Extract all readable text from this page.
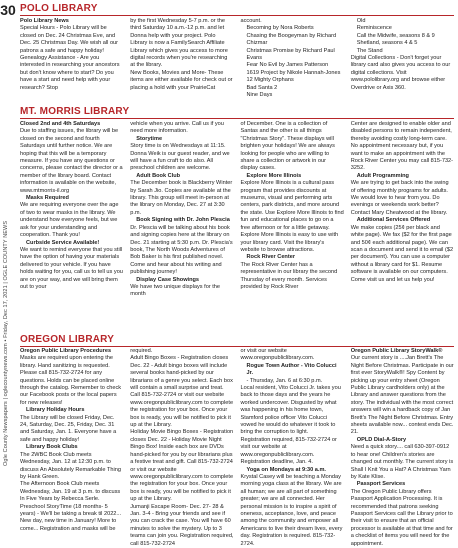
30
Ogle County Newspapers | oglecountynews.com • Friday, Dec 17, 2021 | OGLE COUNTY NEWS
POLO LIBRARY

Polo Library News

Special Hours - Polo Library will be closed on Dec. 24 Christmas Eve, and Dec. 25 Christmas Day. We wish all our patrons a safe and happy holiday!

Genealogy Assistance - Are you interested in researching your ancestors but don't know where to start? Do you have a start and need help with your research? Stop

by the first Wednesday 5-7 p.m. or the third Saturday 10 a.m.-12 p.m. and let Donna help with your project. Polo Library is now a FamilySearch Affiliate Library which gives you access to more digital records when you're researching at the library.

New Books, Movies and More- These items are either available for check out or placing a hold with your PrairieCat

account.

Becoming by Nora Roberts

Chasing the Boogeyman by Richard Chizmar

Christmas Promise by Richard Paul Evans

Fear No Evil by James Patterson

1619 Project by Nikole Hannah-Jones

12 Mighty Orphans

Bad Santa 2

Nine Days

Old

Reminiscence

Call the Midwife, seasons 8 & 9

Shetland, seasons 4 & 5

The Stand

Digital Collections - Don't forget your library card also gives you access to our digital collections. Visit www.pololibrary.org and browse either Overdrive or Axis 360.

MT. MORRIS LIBRARY

Closed 2nd and 4th Saturdays

Due to staffing issues, the library will be closed on the second and fourth Saturdays until further notice. We are hoping that this will be a temporary measure. If you have any questions or concerns, please contact the director or a member of the library board. Contact information is available on the website, www.mtmorris-il.org

Masks Required

We are requiring everyone over the age of two to wear masks in the library. We understand how everyone feels, but we ask for your understanding and cooperation. Thank you!

Curbside Service Available!

We want to remind everyone that you still have the option of having your materials delivered to your vehicle. If you have holds waiting for you, call us to tell us you are on your way, and we will bring them out to your

vehicle when you arrive. Call us if you need more information.

Storytime

Story time is on Wednesdays at 11:15. Donna Weik is our guest reader, and we will have a fun craft to do also. All preschool children are welcome.

Adult Book Club

The December book is Blackberry Winter by Sarah Jio. Copies are available at the library. This group will meet in-person at the library on Monday, Dec. 27 at 3:30 p.m.

Book Signing with Dr. John Plescia

Dr. Plescia will be talking about his book and signing copies here at the library on Dec. 21 starting at 5:30 p.m. Dr. Plescia's book, The North Woods Adventures of Bob Baker is his first published novel. Come and hear about his writing and publishing journey!

Display Case Showings

We have two unique displays for the month

of December. One is a collection of Santas and the other is all things "Christmas Story". These displays will brighten your holidays! We are always looking for people who are willing to share a collection or artwork in our display cases.

Explore More Illinois

Explore More Illinois is a cultural pass program that provides discounts at museums, visual and performing arts centers, park districts, and more around the state. Use Explore More Illinois to find fun and educational places to go on a free afternoon or for a little getaway. Explore More Illinois is easy to use with your library card. Visit the library's website to browse attractions.

Rock River Center

The Rock River Center has a representative in our library the second Thursday of every month. Services provided by Rock River

Center are designed to enable older and disabled persons to remain independent, thereby avoiding costly long-term care. No appointment necessary but, if you want to make an appointment with the Rock River Center you may call 815-732-3252.

Adult Programming

We are trying to get back into the swing of offering monthly programs for adults. We would love to hear from you. Do evenings or weekends work better? Contact Mary Cheatwood at the library.

Additional Services Offered

We make copies (25¢ per black and white page). We fax ($2 for the first page and 50¢ each additional page). We can scan a document and send it to email ($2 per document). You can use a computer without a library card for $1. Resume software is available on our computers. Come visit us and let us help you!

OREGON LIBRARY

Oregon Public Library Procedures

Masks are required upon entering the library. Hand sanitizing is requested. Please call 815-732-2724 for any questions. Holds can be placed online through the catalog. Remember to check our Facebook posts or the local papers for new releases!

Library Holiday Hours

The Library will be closed Friday, Dec. 24, Saturday, Dec. 25, Friday, Dec. 31 and Saturday, Jan. 1. Everyone have a safe and happy holiday!

Library Book Clubs

The 2WBC Book Club meets Wednesday, Jan. 12 at 12:30 p.m. to discuss An Absolutely Remarkable Thing by Hank Green.

The Afternoon Book Club meets Wednesday, Jan. 19 at 3 p.m. to discuss In Five Years by Rebecca Serle.

Preschool StoryTime (18 months- 5 years) - We'll be taking a break til 2022... New day, new time in January! More to come... Registration and masks will be

required.

Adult Bingo Boxes - Registration closes Dec. 22 - Adult bingo boxes will include several books hand-picked by our librarians of a genre you select. Each box will contain a small surprise and treat.

Call 815-732-2724 or visit our website www.oregonpubliclibrary.com to complete the registration for your box. Once your box is ready, you will be notified to pick it up at the Library.

Holiday Movie Bingo Boxes - Registration closes Dec. 22 - Holiday Movie Night Bingo Box! Inside each box are DVDs hand-picked for you by our librarians plus a festive treat and gift. Call 815-732-2724 or visit our website www.oregonpubliclibrary.com to complete the registration for your box. Once your box is ready, you will be notified to pick it up at the Library.

Jumanji Escape Room- Dec. 27- 28 & Jan. 3-4 - Bring your friends and see if you can crack the case. You will have 60 minutes to solve the mystery. Up to 3 teams can join you. Registration required, call 815-732-2724

or visit our website www.oregonpubliclibrary.com.

Rogue Town Author - Vito Colucci Jr.

- Thursday, Jan. 6 at 6:30 p.m.

Local resident, Vito Colucci Jr. takes you back to those days and the years he worked undercover. Disgusted by what was happening in his home town, Stamford police officer Vito Colucci vowed he would do whatever it took to bring the corruption to light.

Registration required, 815-732-2724 or visit our website at www.oregonpubliclibrary.com. Registration deadline, Jan. 4.

Yoga on Mondays at 9:30 a.m.

Krystal Casey will be teaching a Monday morning yoga class at the library. We are all human; we are all part of something greater; we are all connected. Her personal mission is to inspire a spirit of oneness, acceptance, love, and peace among the community and empower all Americans to live their dream lives, every day. Registration is required. 815-732-2724.

Oregon Public Library StoryWalk®

Our current story is ....Jan Brett's The Night Before Christmas. Participate in our first ever StoryWalk®! Spy Content by picking up your entry sheet (Oregon Public Library cardholders only) at the Library and answer questions from the story. The individual with the most correct answers will win a hardback copy of Jan Brett's The Night Before Christmas. Entry sheets available now... contest ends Dec. 21.

OPLD Dial-A-Story

Need a quick story.... call 630-397-0912 to hear one! Children's stories are changed out monthly. The current story is Shall I Knit You a Hat? A Christmas Yarn by Kate Klise.

Passport Services

The Oregon Public Library offers Passport Application Processing. It is recommended that patrons seeking Passport Services call the Library prior to their visit to ensure that an official processor is available at that time and for a checklist of items you will need for the appointment.
